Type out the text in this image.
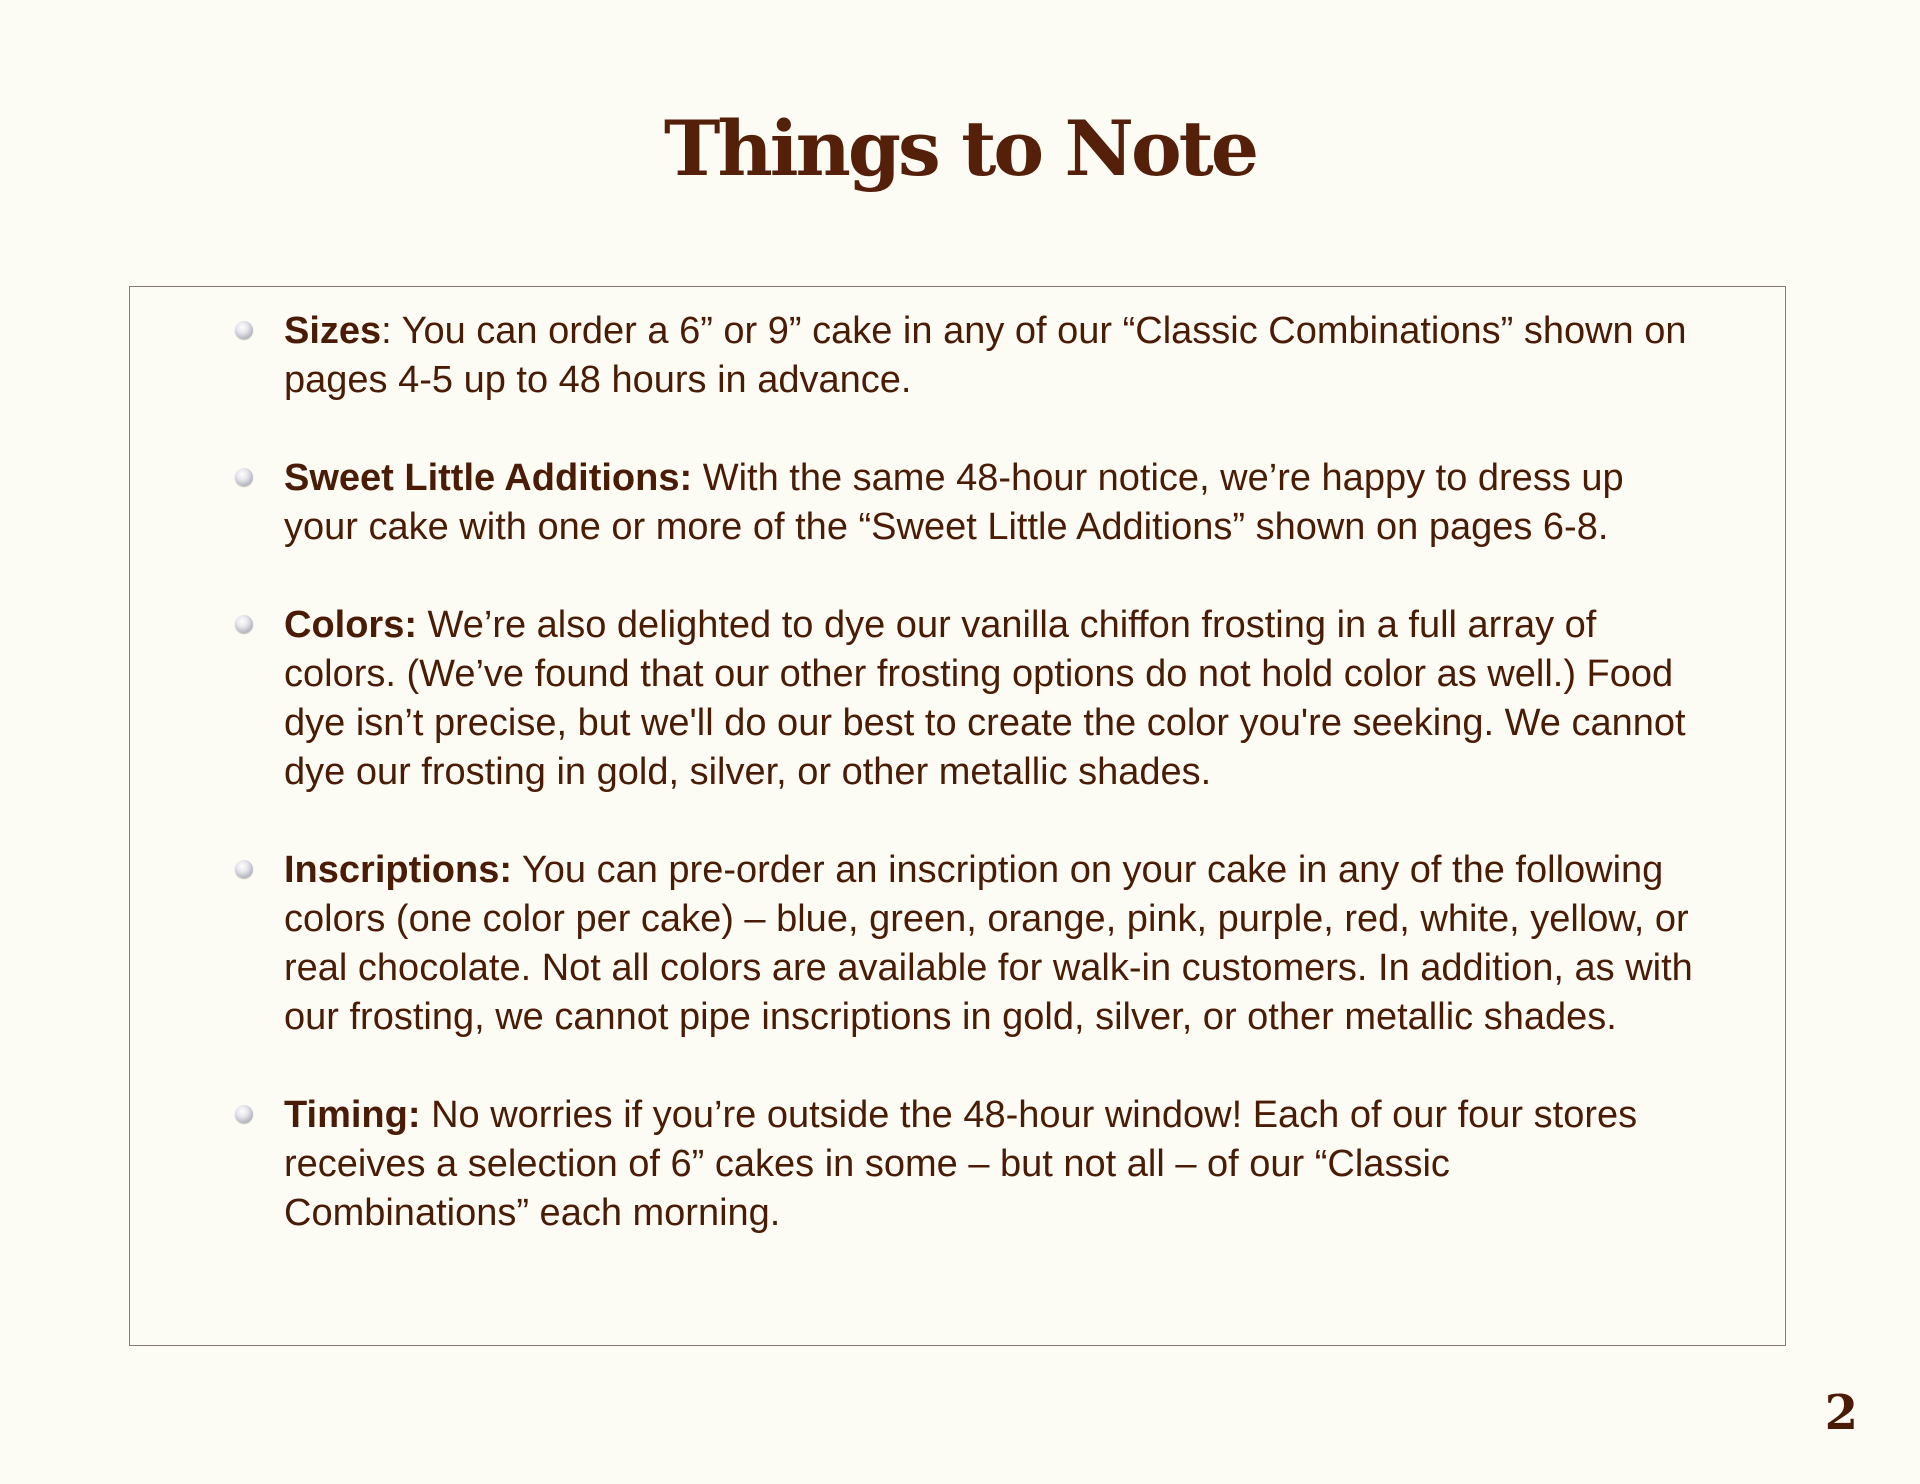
Things to Note
Sizes: You can order a 6” or 9” cake in any of our “Classic Combinations” shown on pages 4-5 up to 48 hours in advance.
Sweet Little Additions: With the same 48-hour notice, we’re happy to dress up your cake with one or more of the “Sweet Little Additions” shown on pages 6-8.
Colors: We’re also delighted to dye our vanilla chiffon frosting in a full array of colors. (We’ve found that our other frosting options do not hold color as well.) Food dye isn’t precise, but we'll do our best to create the color you're seeking. We cannot dye our frosting in gold, silver, or other metallic shades.
Inscriptions: You can pre-order an inscription on your cake in any of the following colors (one color per cake) – blue, green, orange, pink, purple, red, white, yellow, or real chocolate. Not all colors are available for walk-in customers. In addition, as with our frosting, we cannot pipe inscriptions in gold, silver, or other metallic shades.
Timing: No worries if you’re outside the 48-hour window! Each of our four stores receives a selection of 6” cakes in some – but not all – of our “Classic Combinations” each morning.
2
